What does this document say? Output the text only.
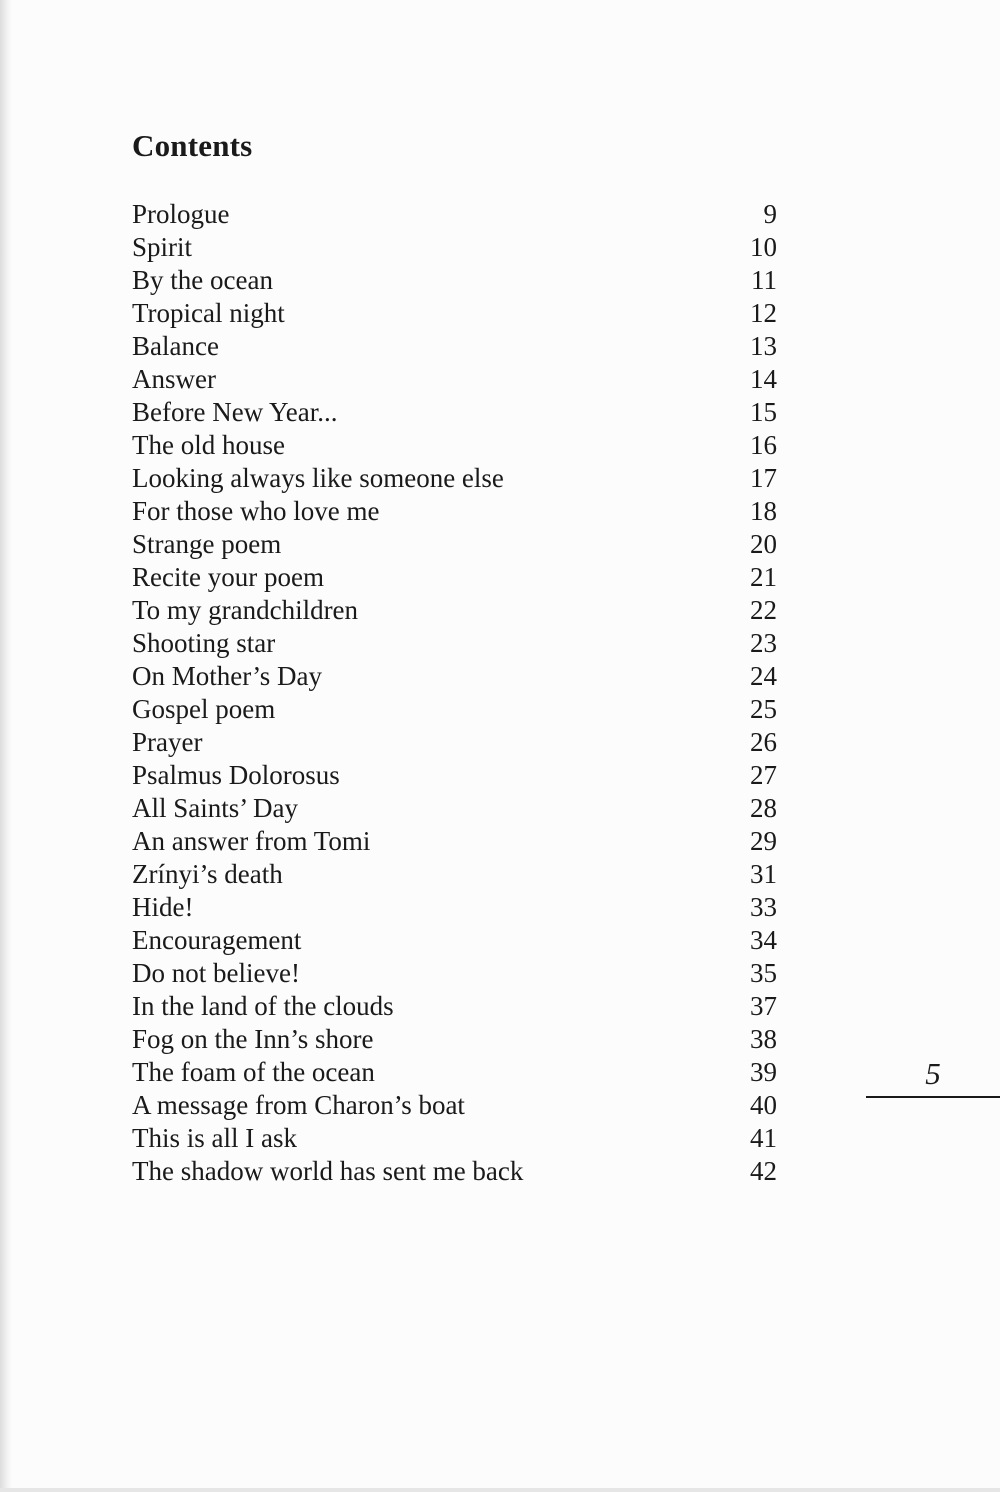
Contents
Prologue	9
Spirit	10
By the ocean	11
Tropical night	12
Balance	13
Answer	14
Before New Year...	15
The old house	16
Looking always like someone else	17
For those who love me	18
Strange poem	20
Recite your poem	21
To my grandchildren	22
Shooting star	23
On Mother’s Day	24
Gospel poem	25
Prayer	26
Psalmus Dolorosus	27
All Saints’ Day	28
An answer from Tomi	29
Zrínyi’s death	31
Hide!	33
Encouragement	34
Do not believe!	35
In the land of the clouds	37
Fog on the Inn’s shore	38
The foam of the ocean	39
A message from Charon’s boat	40
This is all I ask	41
The shadow world has sent me back	42
5
